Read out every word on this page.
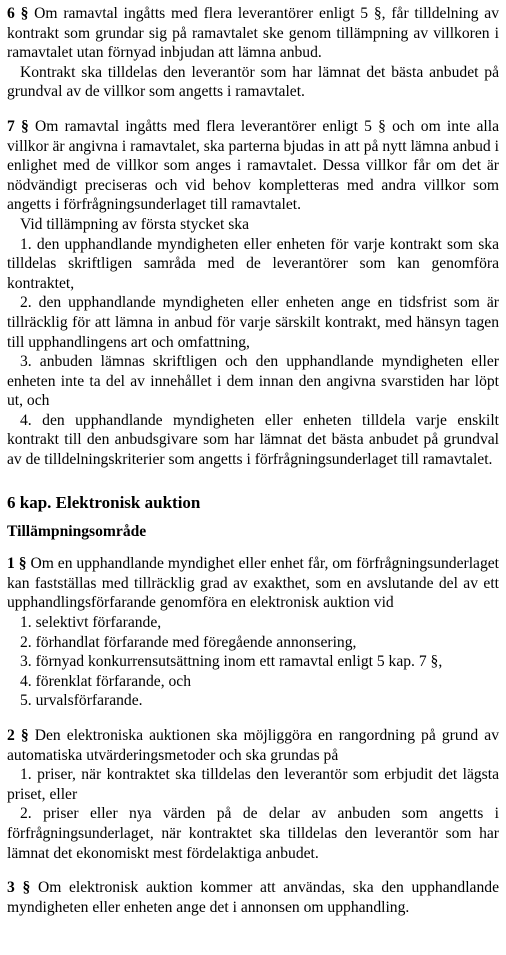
6 § Om ramavtal ingåtts med flera leverantörer enligt 5 §, får tilldelning av kontrakt som grundar sig på ramavtalet ske genom tillämpning av villkoren i ramavtalet utan förnyad inbjudan att lämna anbud.

Kontrakt ska tilldelas den leverantör som har lämnat det bästa anbudet på grundval av de villkor som angetts i ramavtalet.

7 § Om ramavtal ingåtts med flera leverantörer enligt 5 § och om inte alla villkor är angivna i ramavtalet, ska parterna bjudas in att på nytt lämna anbud i enlighet med de villkor som anges i ramavtalet. Dessa villkor får om det är nödvändigt preciseras och vid behov kompletteras med andra villkor som angetts i förfrågningsunderlaget till ramavtalet.

Vid tillämpning av första stycket ska

1. den upphandlande myndigheten eller enheten för varje kontrakt som ska tilldelas skriftligen samråda med de leverantörer som kan genomföra kontraktet,

2. den upphandlande myndigheten eller enheten ange en tidsfrist som är tillräcklig för att lämna in anbud för varje särskilt kontrakt, med hänsyn tagen till upphandlingens art och omfattning,

3. anbuden lämnas skriftligen och den upphandlande myndigheten eller enheten inte ta del av innehållet i dem innan den angivna svarstiden har löpt ut, och

4. den upphandlande myndigheten eller enheten tilldela varje enskilt kontrakt till den anbudsgivare som har lämnat det bästa anbudet på grundval av de tilldelningskriterier som angetts i förfrågningsunderlaget till ramavtalet.

6 kap. Elektronisk auktion

Tillämpningsområde

1 § Om en upphandlande myndighet eller enhet får, om förfrågningsunderlaget kan fastställas med tillräcklig grad av exakthet, som en avslutande del av ett upphandlingsförfarande genomföra en elektronisk auktion vid

1. selektivt förfarande,

2. förhandlat förfarande med föregående annonsering,

3. förnyad konkurrensutsättning inom ett ramavtal enligt 5 kap. 7 §,

4. förenklat förfarande, och

5. urvalsförfarande.

2 § Den elektroniska auktionen ska möjliggöra en rangordning på grund av automatiska utvärderingsmetoder och ska grundas på

1. priser, när kontraktet ska tilldelas den leverantör som erbjudit det lägsta priset, eller

2. priser eller nya värden på de delar av anbuden som angetts i förfrågningsunderlaget, när kontraktet ska tilldelas den leverantör som har lämnat det ekonomiskt mest fördelaktiga anbudet.

3 § Om elektronisk auktion kommer att användas, ska den upphandlande myndigheten eller enheten ange det i annonsen om upphandling.
